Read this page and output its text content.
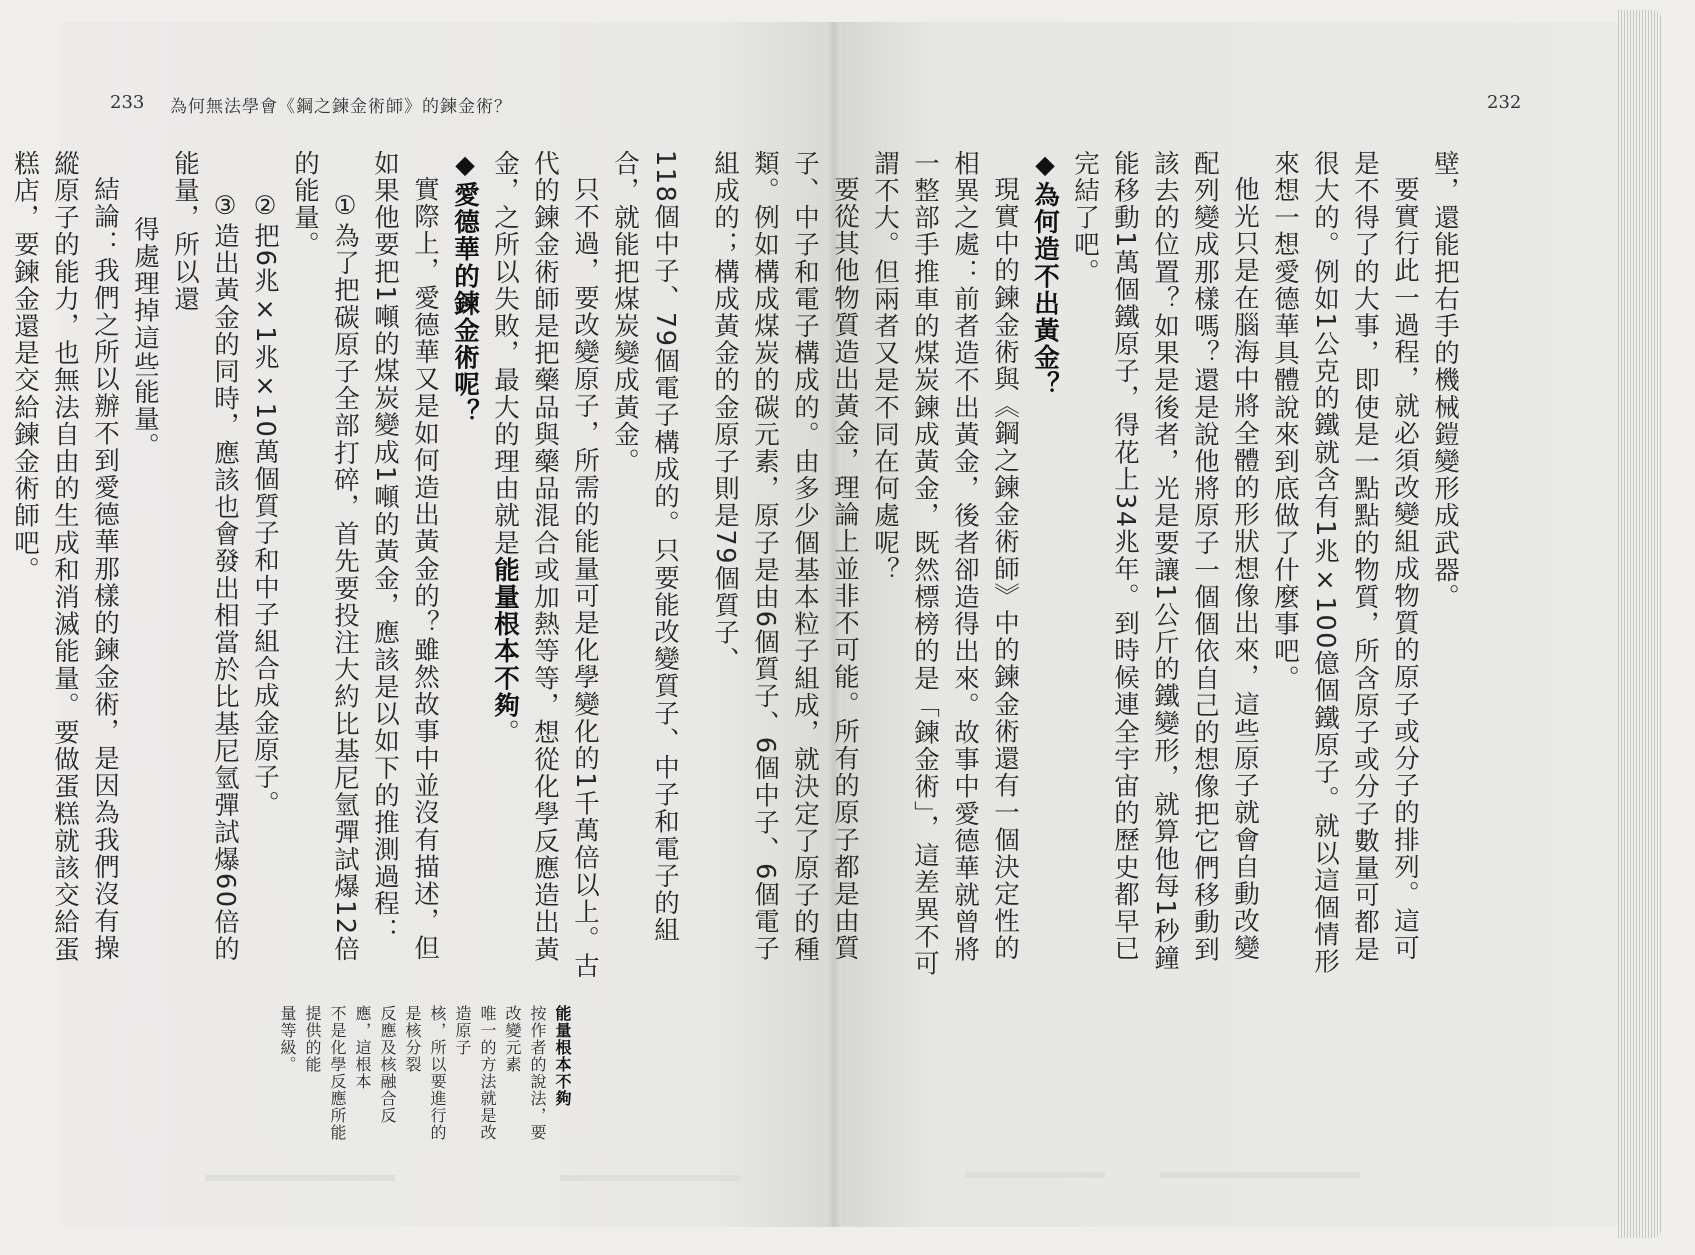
233 為何無法學會《鋼之鍊金術師》的鍊金術？

118個中子、79個電子構成的。只要能改變質子、中子和電子的組合，就能把煤炭變成黃金。

只不過，要改變原子，所需的能量可是化學變化的1千萬倍以上。古代的鍊金術師是把藥品與藥品混合或加熱等等，想從化學反應造出黃金，之所以失敗，最大的理由就是能量根本不夠。

◆愛德華的鍊金術呢？

實際上，愛德華又是如何造出黃金的？雖然故事中並沒有描述，但如果他要把1噸的煤炭變成1噸的黃金，應該是以如下的推測過程：

①為了把碳原子全部打碎，首先要投注大約比基尼氫彈試爆12倍的能量。

②把6兆×1兆×10萬個質子和中子組合成金原子。

③造出黃金的同時，應該也會發出相當於比基尼氫彈試爆60倍的能量，所以還

得處理掉這些能量。

結論：我們之所以辦不到愛德華那樣的鍊金術，是因為我們沒有操縱原子的能力，也無法自由的生成和消滅能量。要做蛋糕就該交給蛋糕店，要鍊金還是交給鍊金術師吧。

能量根本不夠

按作者的說法，要改變元素

唯一的方法就是改造原子

核，所以要進行的是核分裂

反應及核融合反應，這根本

不是化學反應所能提供的能

量等級。

232

壁，還能把右手的機械鎧變形成武器。

要實行此一過程，就必須改變組成物質的原子或分子的排列。這可是不得了的大事，即使是一點點的物質，所含原子或分子數量可都是很大的。例如1公克的鐵就含有1兆×100億個鐵原子。就以這個情形來想一想愛德華具體說來到底做了什麼事吧。

他光只是在腦海中將全體的形狀想像出來，這些原子就會自動改變配列變成那樣嗎？還是說他將原子一個個依自己的想像把它們移動到該去的位置？如果是後者，光是要讓1公斤的鐵變形，就算他每1秒鐘能移動1萬個鐵原子，得花上34兆年。到時候連全宇宙的歷史都早已完結了吧。

◆為何造不出黃金？

現實中的鍊金術與《鋼之鍊金術師》中的鍊金術還有一個決定性的相異之處：前者造不出黃金，後者卻造得出來。故事中愛德華就曾將一整部手推車的煤炭鍊成黃金，既然標榜的是「鍊金術」，這差異不可謂不大。但兩者又是不同在何處呢？

要從其他物質造出黃金，理論上並非不可能。所有的原子都是由質子、中子和電子構成的。由多少個基本粒子組成，就決定了原子的種類。例如構成煤炭的碳元素，原子是由6個質子、6個中子、6個電子組成的；構成黃金的金原子則是79個質子、
